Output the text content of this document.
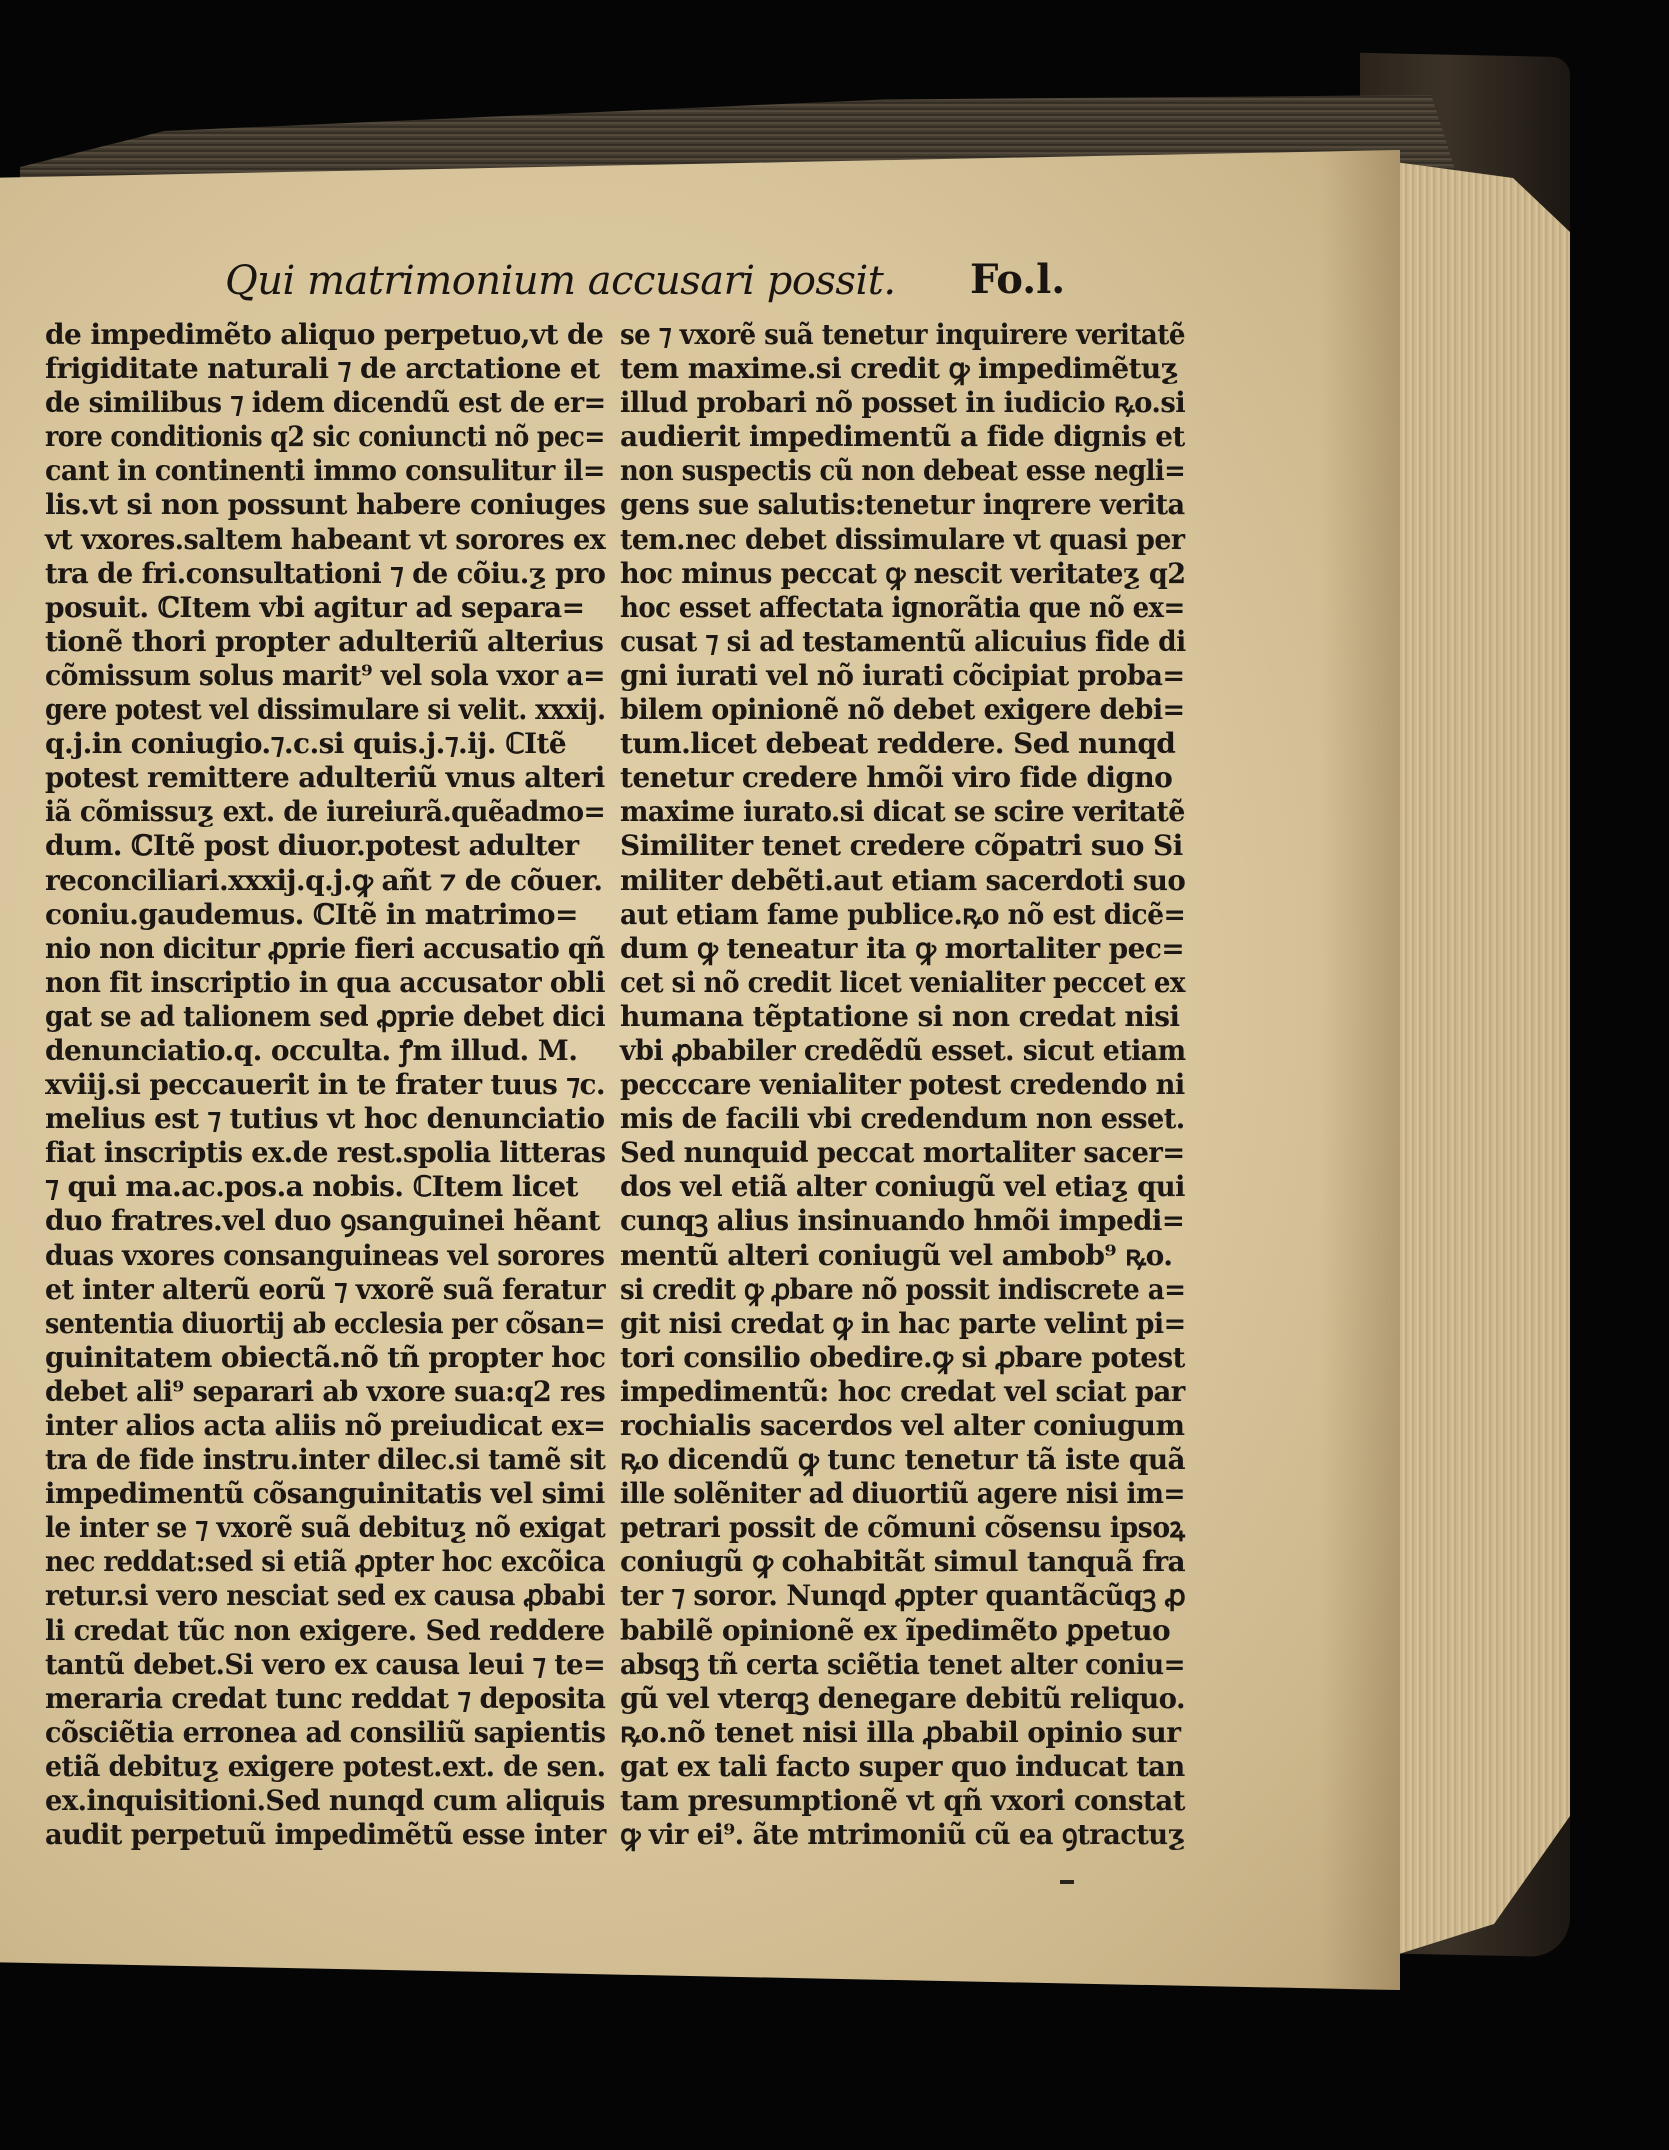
Qui matrimonium accusari possit. Fo.l.
de impedimẽto aliquo perpetuo,vt de
frigiditate naturali ⁊ de arctatione et
de similibus ⁊ idem dicendũ est de er=
rore conditionis q2 sic coniuncti nõ pec=
cant in continenti immo consulitur il=
lis.vt si non possunt habere coniuges
vt vxores.saltem habeant vt sorores ex
tra de fri.consultationi ⁊ de cõiu.ƺ pro
posuit. ℂItem vbi agitur ad separa=
tionẽ thori propter adulteriũ alterius
cõmissum solus marit⁹ vel sola vxor a=
gere potest vel dissimulare si velit. xxxij.
q.j.in coniugio.⁊.c.si quis.j.⁊.ij. ℂItẽ
potest remittere adulteriũ vnus alteri
iã cõmissuƺ ext. de iureiurã.quẽadmo=
dum. ℂItẽ post diuor.potest adulter
reconciliari.xxxij.q.j.ꝙ añt ⁊ de cõuer.
coniu.gaudemus. ℂItẽ in matrimo=
nio non dicitur ꝓprie fieri accusatio qñ
non fit inscriptio in qua accusator obli
gat se ad talionem sed ꝓprie debet dici
denunciatio.q. occulta. ꝭm illud. M.
xviij.si peccauerit in te frater tuus ⁊c.
melius est ⁊ tutius vt hoc denunciatio
fiat inscriptis ex.de rest.spolia litteras
⁊ qui ma.ac.pos.a nobis. ℂItem licet
duo fratres.vel duo ꝯsanguinei hẽant
duas vxores consanguineas vel sorores
et inter alterũ eorũ ⁊ vxorẽ suã feratur
sententia diuortij ab ecclesia per cõsan=
guinitatem obiectã.nõ tñ propter hoc
debet ali⁹ separari ab vxore sua:q2 res
inter alios acta aliis nõ preiudicat ex=
tra de fide instru.inter dilec.si tamẽ sit
impedimentũ cõsanguinitatis vel simi
le inter se ⁊ vxorẽ suã debituƺ nõ exigat
nec reddat:sed si etiã ꝓpter hoc excõica
retur.si vero nesciat sed ex causa ꝓbabi
li credat tũc non exigere. Sed reddere
tantũ debet.Si vero ex causa leui ⁊ te=
meraria credat tunc reddat ⁊ deposita
cõsciẽtia erronea ad consiliũ sapientis
etiã debituƺ exigere potest.ext. de sen.
ex.inquisitioni.Sed nunqd cum aliquis
audit perpetuũ impedimẽtũ esse inter
se ⁊ vxorẽ suã tenetur inquirere veritatẽ
tem maxime.si credit ꝙ impedimẽtuƺ
illud probari nõ posset in iudicio ꝶo.si
audierit impedimentũ a fide dignis et
non suspectis cũ non debeat esse negli=
gens sue salutis:tenetur inqrere verita
tem.nec debet dissimulare vt quasi per
hoc minus peccat ꝙ nescit veritateƺ q2
hoc esset affectata ignorãtia que nõ ex=
cusat ⁊ si ad testamentũ alicuius fide di
gni iurati vel nõ iurati cõcipiat proba=
bilem opinionẽ nõ debet exigere debi=
tum.licet debeat reddere. Sed nunqd
tenetur credere hmõi viro fide digno
maxime iurato.si dicat se scire veritatẽ
Similiter tenet credere cõpatri suo Si
militer debẽti.aut etiam sacerdoti suo
aut etiam fame publice.ꝶo nõ est dicẽ=
dum ꝙ teneatur ita ꝙ mortaliter pec=
cet si nõ credit licet venialiter peccet ex
humana tẽptatione si non credat nisi
vbi ꝓbabiler credẽdũ esset. sicut etiam
pecccare venialiter potest credendo ni
mis de facili vbi credendum non esset.
Sed nunquid peccat mortaliter sacer=
dos vel etiã alter coniugũ vel etiaƺ qui
cunqꝫ alius insinuando hmõi impedi=
mentũ alteri coniugũ vel ambob⁹ ꝶo.
si credit ꝙ ꝓbare nõ possit indiscrete a=
git nisi credat ꝙ in hac parte velint pi=
tori consilio obedire.ꝙ si ꝓbare potest
impedimentũ: hoc credat vel sciat par
rochialis sacerdos vel alter coniugum
ꝶo dicendũ ꝙ tunc tenetur tã iste quã
ille solẽniter ad diuortiũ agere nisi im=
petrari possit de cõmuni cõsensu ipsoꝝ
coniugũ ꝙ cohabitãt simul tanquã fra
ter ⁊ soror. Nunqd ꝓpter quantãcũqꝫ ꝓ
babilẽ opinionẽ ex ĩpedimẽto ꝑpetuo
absqꝫ tñ certa sciẽtia tenet alter coniu=
gũ vel vterqꝫ denegare debitũ reliquo.
ꝶo.nõ tenet nisi illa ꝓbabil opinio sur
gat ex tali facto super quo inducat tan
tam presumptionẽ vt qñ vxori constat
ꝙ vir ei⁹. ãte mtrimoniũ cũ ea ꝯtractuƺ
